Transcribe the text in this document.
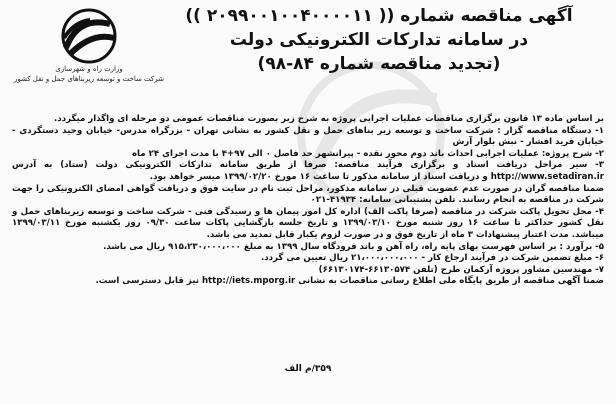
وزارت راه و شهرسازی
شرکت ساخت و توسعه زیربناهای حمل و نقل کشور
آگهی مناقصه شماره (( ۲۰۹۹۰۰۱۰۰۴۰۰۰۰۱۱ ))
در سامانه تدارکات الکترونیکی دولت
(تجدید مناقصه شماره ۸۴-۹۸)

بر اساس ماده ۱۳ قانون برگزاری مناقصات عملیات اجرایی پروژه به شرح زیر بصورت مناقصات عمومی دو مرحله ای واگذار میگردد.

۱- دستگاه مناقصه گزار : شرکت ساخت و توسعه زیر بناهای حمل و نقل کشور به نشانی تهران - بزرگراه مدرس- خیابان وحید دستگردی - خیابان فرید افشار - نبش بلوار آرش

۲- شرح پروژه: عملیات اجرایی احداث باند دوم محور نقده - پیرانشهر حد فاصل ۰ الی ۹۷+۴ با مدت اجرای ۲۴ ماه

۳- سیر مراحل دریافت اسناد و برگزاری فرآیند مناقصه: صرفا از طریق سامانه تدارکات الکترونیکی دولت (ستاد) به آدرس http://www.setadiran.ir و دریافت اسناد از سامانه مذکور تا ساعت ۱۶ مورخ ۱۳۹۹/۰۲/۲۰ میسر خواهد بود.

ضمنا مناقصه گران در صورت عدم عضویت قبلی در سامانه مذکور، مراحل ثبت نام در سایت فوق و دریافت گواهی امضای الکترونیکی را جهت شرکت در مناقصه به انجام رسانند. تلفن پشتیبانی سامانه: ۴۱۹۳۴-۰۲۱

۴- محل تحویل پاکت شرکت در مناقصه (صرفا پاکت الف) اداره کل امور پیمان ها و رسیدگی فنی - شرکت ساخت و توسعه زیربناهای حمل و نقل کشور حداکثر تا ساعت ۱۶ روز شنبه مورخ ۱۳۹۹/۰۳/۱۰ و تاریخ جلسه بازگشایی پاکات ساعت ۰۹/۳۰ روز یکشنبه مورخ ۱۳۹۹/۰۳/۱۱ میباشد. مدت اعتبار پیشنهادات ۳ ماه از تاریخ فوق و در صورت لزوم یکبار قابل تمدید می باشد.

۵- برآورد : بر اساس فهرست بهای پایه راه، راه آهن و باند فرودگاه سال ۱۳۹۹ به مبلغ ۹۱۵،۲۳۰،۰۰۰،۰۰۰ ریال می باشد.

۶- مبلغ تضمین شرکت در فرآیند ارجاع کار - ۲۱،۰۰۰،۰۰۰،۰۰۰ ریال تعیین می گردد.

۷- مهندسین مشاور پروژه آرکمان طرح (تلفن ۶۶۱۳۰۵۷۴-۶۶۱۳۰۱۷۴)

ضمنا آگهی مناقصه از طریق پایگاه ملی اطلاع رسانی مناقصات به نشانی http://iets.mporg.ir نیز قابل دسترسی است.

۳۵۹/م الف
